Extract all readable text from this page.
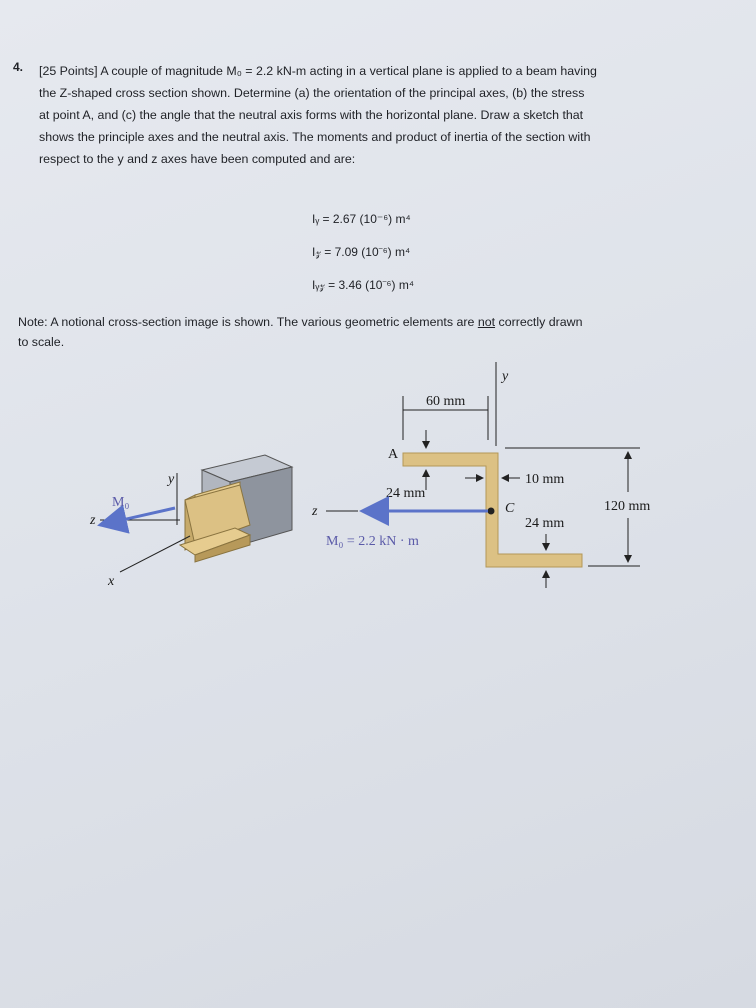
4. [25 Points] A couple of magnitude M₀ = 2.2 kN-m acting in a vertical plane is applied to a beam having
the Z-shaped cross section shown. Determine (a) the orientation of the principal axes, (b) the stress
at point A, and (c) the angle that the neutral axis forms with the horizontal plane. Draw a sketch that
shows the principle axes and the neutral axis. The moments and product of inertia of the section with
respect to the y and z axes have been computed and are:
Iᵧ = 2.67 (10⁻⁶) m⁴
I𝓏 = 7.09 (10⁻⁶) m⁴
Iᵧ𝓏 = 3.46 (10⁻⁶) m⁴
Note: A notional cross-section image is shown. The various geometric elements are not correctly drawn
to scale.
y
x
z
M₀
y
60 mm
A
24 mm
10 mm
C
z
M₀ = 2.2 kN · m
24 mm
120 mm
